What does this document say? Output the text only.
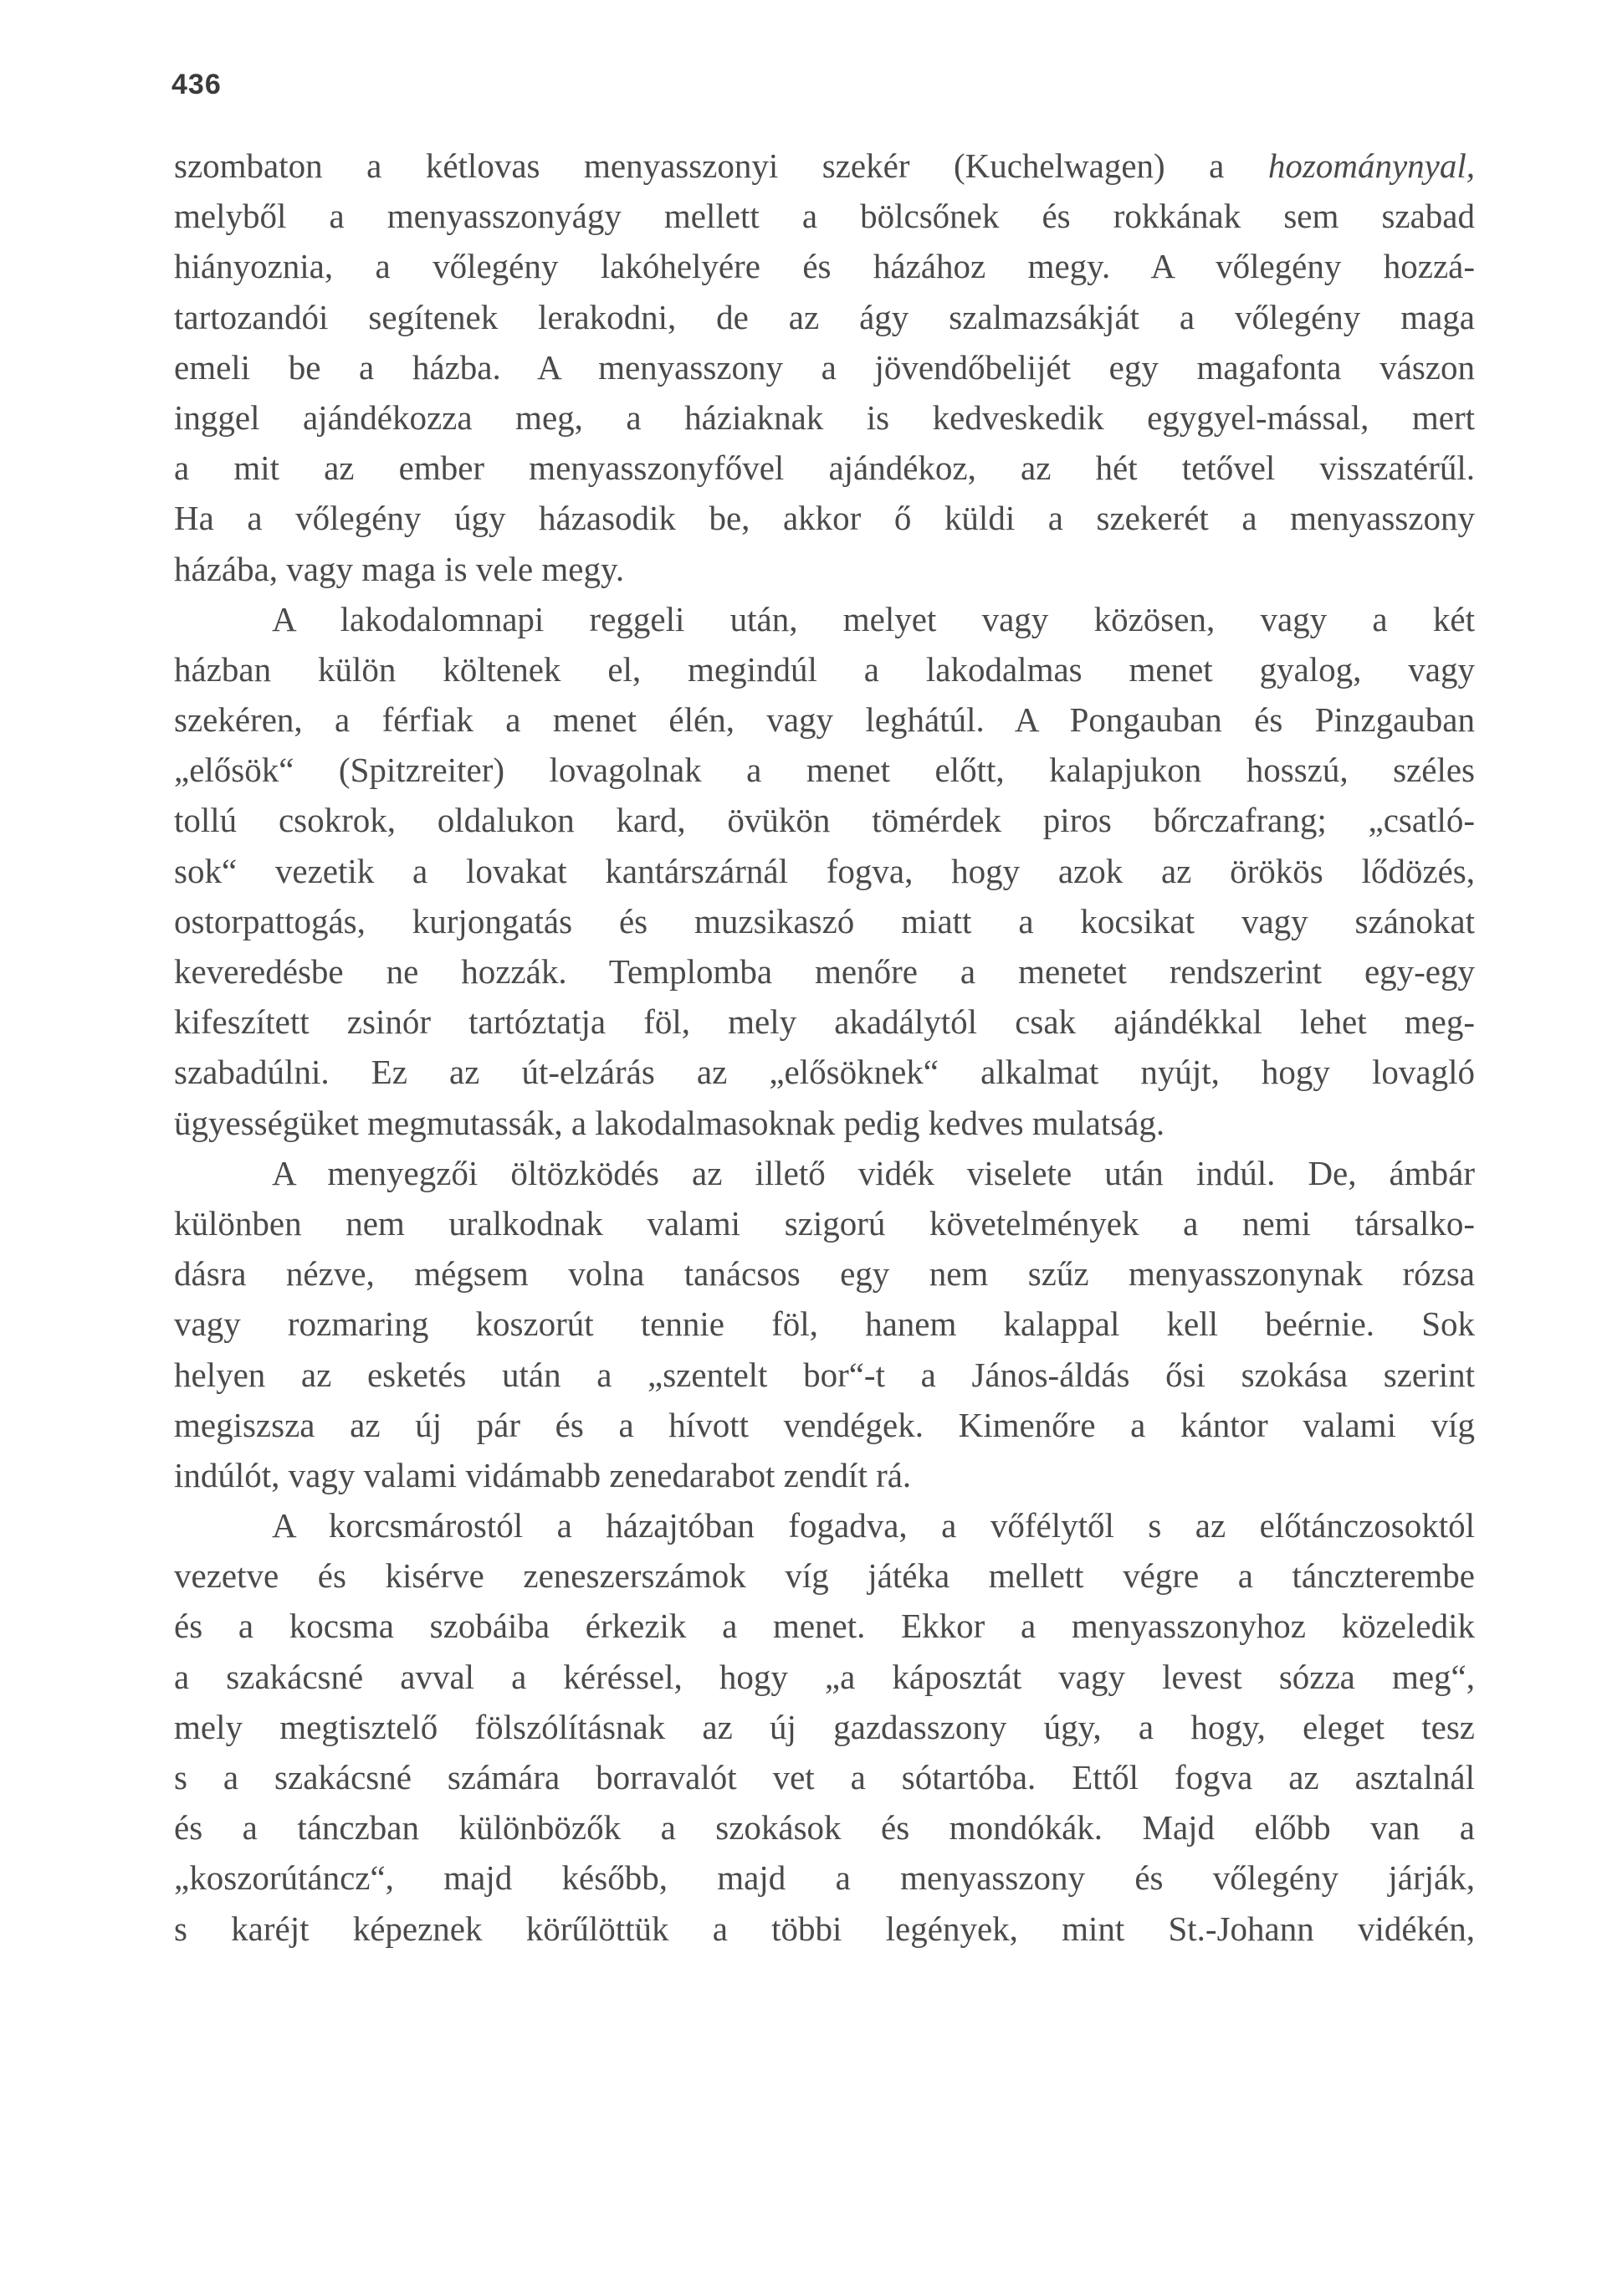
436
szombaton a kétlovas menyasszonyi szekér (Kuchelwagen) a hozománynyal,
melyből a menyasszonyágy mellett a bölcsőnek és rokkának sem szabad
hiányoznia, a vőlegény lakóhelyére és házához megy. A vőlegény hozzá-
tartozandói segítenek lerakodni, de az ágy szalmazsákját a vőlegény maga
emeli be a házba. A menyasszony a jövendőbelijét egy magafonta vászon
inggel ajándékozza meg, a háziaknak is kedveskedik egygyel-mással, mert
a mit az ember menyasszonyfővel ajándékoz, az hét tetővel visszatérűl.
Ha a vőlegény úgy házasodik be, akkor ő küldi a szekerét a menyasszony
házába, vagy maga is vele megy.
A lakodalomnapi reggeli után, melyet vagy közösen, vagy a két
házban külön költenek el, megindúl a lakodalmas menet gyalog, vagy
szekéren, a férfiak a menet élén, vagy leghátúl. A Pongauban és Pinzgauban
„elősök“ (Spitzreiter) lovagolnak a menet előtt, kalapjukon hosszú, széles
tollú csokrok, oldalukon kard, övükön tömérdek piros bőrczafrang; „csatló-
sok“ vezetik a lovakat kantárszárnál fogva, hogy azok az örökös lődözés,
ostorpattogás, kurjongatás és muzsikaszó miatt a kocsikat vagy szánokat
keveredésbe ne hozzák. Templomba menőre a menetet rendszerint egy-egy
kifeszített zsinór tartóztatja föl, mely akadálytól csak ajándékkal lehet meg-
szabadúlni. Ez az út-elzárás az „elősöknek“ alkalmat nyújt, hogy lovagló
ügyességüket megmutassák, a lakodalmasoknak pedig kedves mulatság.
A menyegzői öltözködés az illető vidék viselete után indúl. De, ámbár
különben nem uralkodnak valami szigorú követelmények a nemi társalko-
dásra nézve, mégsem volna tanácsos egy nem szűz menyasszonynak rózsa
vagy rozmaring koszorút tennie föl, hanem kalappal kell beérnie. Sok
helyen az esketés után a „szentelt bor“-t a János-áldás ősi szokása szerint
megiszsza az új pár és a hívott vendégek. Kimenőre a kántor valami víg
indúlót, vagy valami vidámabb zenedarabot zendít rá.
A korcsmárostól a házajtóban fogadva, a vőfélytől s az előtánczosoktól
vezetve és kisérve zeneszerszámok víg játéka mellett végre a tánczterembe
és a kocsma szobáiba érkezik a menet. Ekkor a menyasszonyhoz közeledik
a szakácsné avval a kéréssel, hogy „a káposztát vagy levest sózza meg“,
mely megtisztelő fölszólításnak az új gazdasszony úgy, a hogy, eleget tesz
s a szakácsné számára borravalót vet a sótartóba. Ettől fogva az asztalnál
és a tánczban különbözők a szokások és mondókák. Majd előbb van a
„koszorútáncz“, majd később, majd a menyasszony és vőlegény járják,
s karéjt képeznek körűlöttük a többi legények, mint St.-Johann vidékén,
